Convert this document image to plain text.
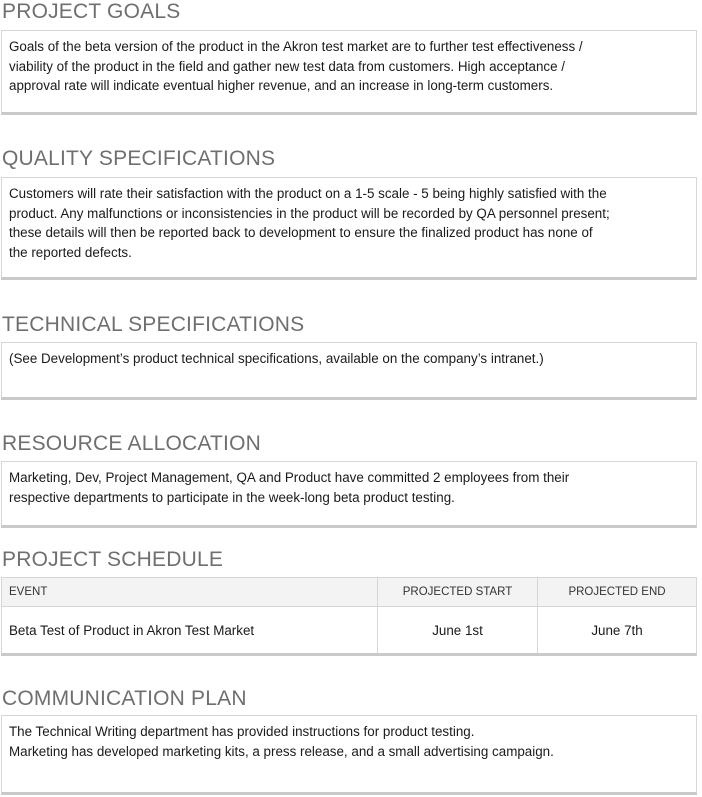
PROJECT GOALS

Goals of the beta version of the product in the Akron test market are to further test effectiveness /

viability of the product in the field and gather new test data from customers. High acceptance /

approval rate will indicate eventual higher revenue, and an increase in long-term customers.

QUALITY SPECIFICATIONS

Customers will rate their satisfaction with the product on a 1-5 scale - 5 being highly satisfied with the

product. Any malfunctions or inconsistencies in the product will be recorded by QA personnel present;

these details will then be reported back to development to ensure the finalized product has none of

the reported defects.

TECHNICAL SPECIFICATIONS

(See Development’s product technical specifications, available on the company’s intranet.)

RESOURCE ALLOCATION

Marketing, Dev, Project Management, QA and Product have committed 2 employees from their

respective departments to participate in the week-long beta product testing.

PROJECT SCHEDULE
EVENT	PROJECTED START	PROJECTED END
Beta Test of Product in Akron Test Market	June 1st	June 7th
COMMUNICATION PLAN

The Technical Writing department has provided instructions for product testing.

Marketing has developed marketing kits, a press release, and a small advertising campaign.
